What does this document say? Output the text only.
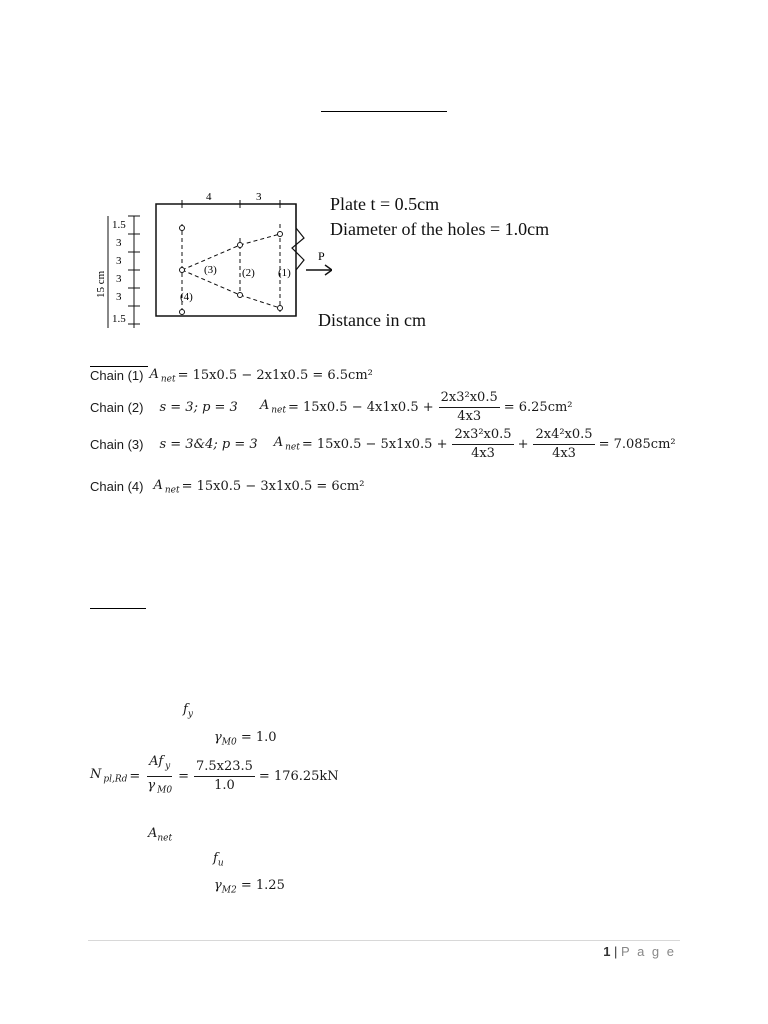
4	3
1.5
3
3
3
3
1.5
15 cm
(3) (2) (1)
(4)
P
Plate t = 0.5cm
Diameter of the holes = 1.0cm
Distance in cm
Chain (1) A $_{net}$ = 15x0.5 − 2x1x0.5 = 6.5cm²
Chain (2) s = 3; p = 3 A $_{net} = 15x0.5 - 4x1x0.5 + \frac{\text{2x3²x0.5}}{4x3} = 6.25cm^2$
Chain (3) s = 3&4; p = 3 A $_{net} = 15x0.5 - 5x1x0.5 + \frac{\text{2x3²x0.5}}{4x3} + \frac{\text{2x4²x0.5}}{4x3} = 7.085cm^2$
Chain (4) A $_{net}$ = 15x0.5 − 3x1x0.5 = 6cm²
$f_y$
$\gamma_{M0} = 1.0$
N $_{pl,Rd} = \frac{Af _y}{\gamma _{M0}} = \frac{7.5x23.5}{1.0} = 176.25kN$
$A_{net}$
$f_u$
$\gamma_{M2} = 1.25$
1 | P a g e
